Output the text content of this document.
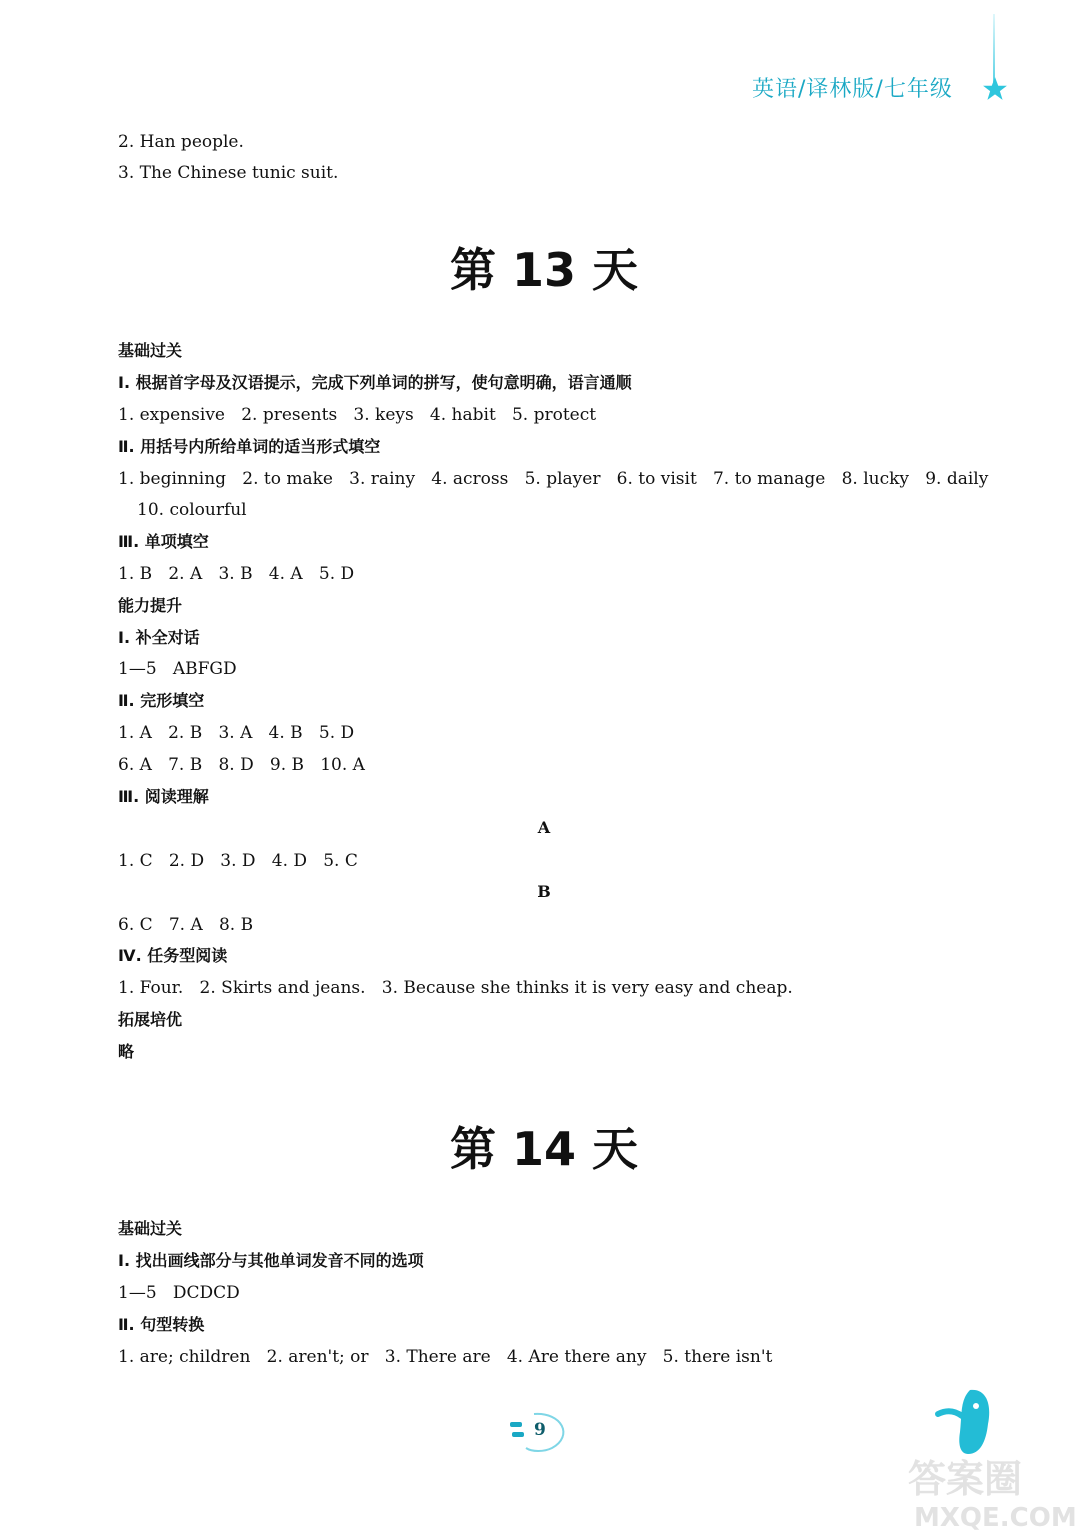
英语/译林版/七年级
2. Han people.
3. The Chinese tunic suit.
第 13 天
基础过关
Ⅰ. 根据首字母及汉语提示，完成下列单词的拼写，使句意明确，语言通顺
1. expensive   2. presents   3. keys   4. habit   5. protect
Ⅱ. 用括号内所给单词的适当形式填空
1. beginning   2. to make   3. rainy   4. across   5. player   6. to visit   7. to manage   8. lucky   9. daily
10. colourful
Ⅲ. 单项填空
1. B   2. A   3. B   4. A   5. D
能力提升
Ⅰ. 补全对话
1—5   ABFGD
Ⅱ. 完形填空
1. A   2. B   3. A   4. B   5. D
6. A   7. B   8. D   9. B   10. A
Ⅲ. 阅读理解
A
1. C   2. D   3. D   4. D   5. C
B
6. C   7. A   8. B
Ⅳ. 任务型阅读
1. Four.   2. Skirts and jeans.   3. Because she thinks it is very easy and cheap.
拓展培优
略
第 14 天
基础过关
Ⅰ. 找出画线部分与其他单词发音不同的选项
1—5   DCDCD
Ⅱ. 句型转换
1. are; children   2. aren't; or   3. There are   4. Are there any   5. there isn't
9
答案圈
MXQE.COM
